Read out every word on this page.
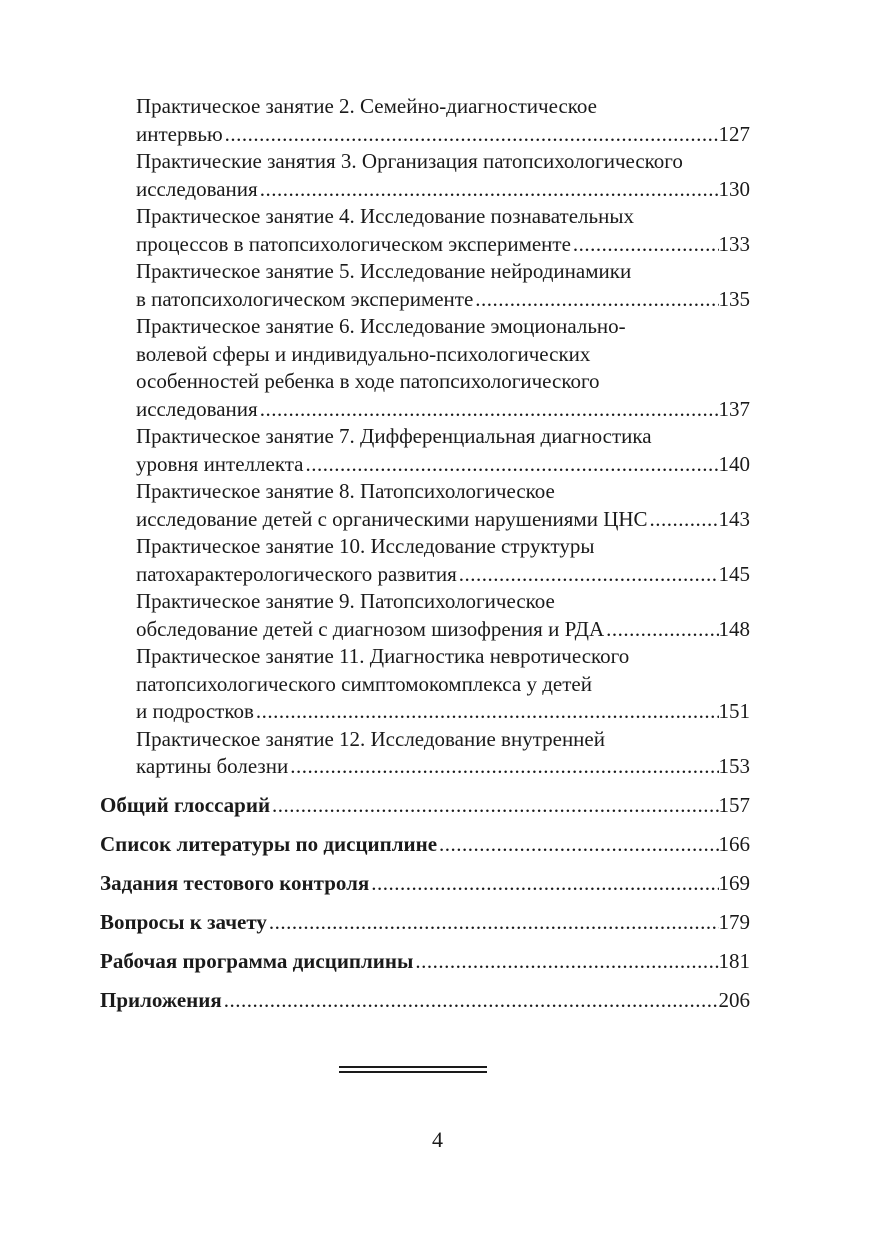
Практическое занятие 2. Семейно-диагностическое
интервью .....	127
Практические занятия 3. Организация патопсихологического
исследования .....	130
Практическое занятие 4. Исследование познавательных
процессов в патопсихологическом эксперименте .....	133
Практическое занятие 5. Исследование нейродинамики
в патопсихологическом эксперименте .....	135
Практическое занятие 6. Исследование эмоционально-
волевой сферы и индивидуально-психологических
особенностей ребенка в ходе патопсихологического
исследования .....	137
Практическое занятие 7. Дифференциальная диагностика
уровня интеллекта .....	140
Практическое занятие 8. Патопсихологическое
исследование детей с органическими нарушениями ЦНС .....	143
Практическое занятие 10. Исследование структуры
патохарактерологического развития .....	145
Практическое занятие 9. Патопсихологическое
обследование детей с диагнозом шизофрения и РДА .....	148
Практическое занятие 11. Диагностика невротического
патопсихологического симптомокомплекса у детей
и подростков .....	151
Практическое занятие 12. Исследование внутренней
картины болезни .....	153
Общий глоссарий .....	157
Список литературы по дисциплине .....	166
Задания тестового контроля .....	169
Вопросы к зачету .....	179
Рабочая программа дисциплины .....	181
Приложения .....	206
4
